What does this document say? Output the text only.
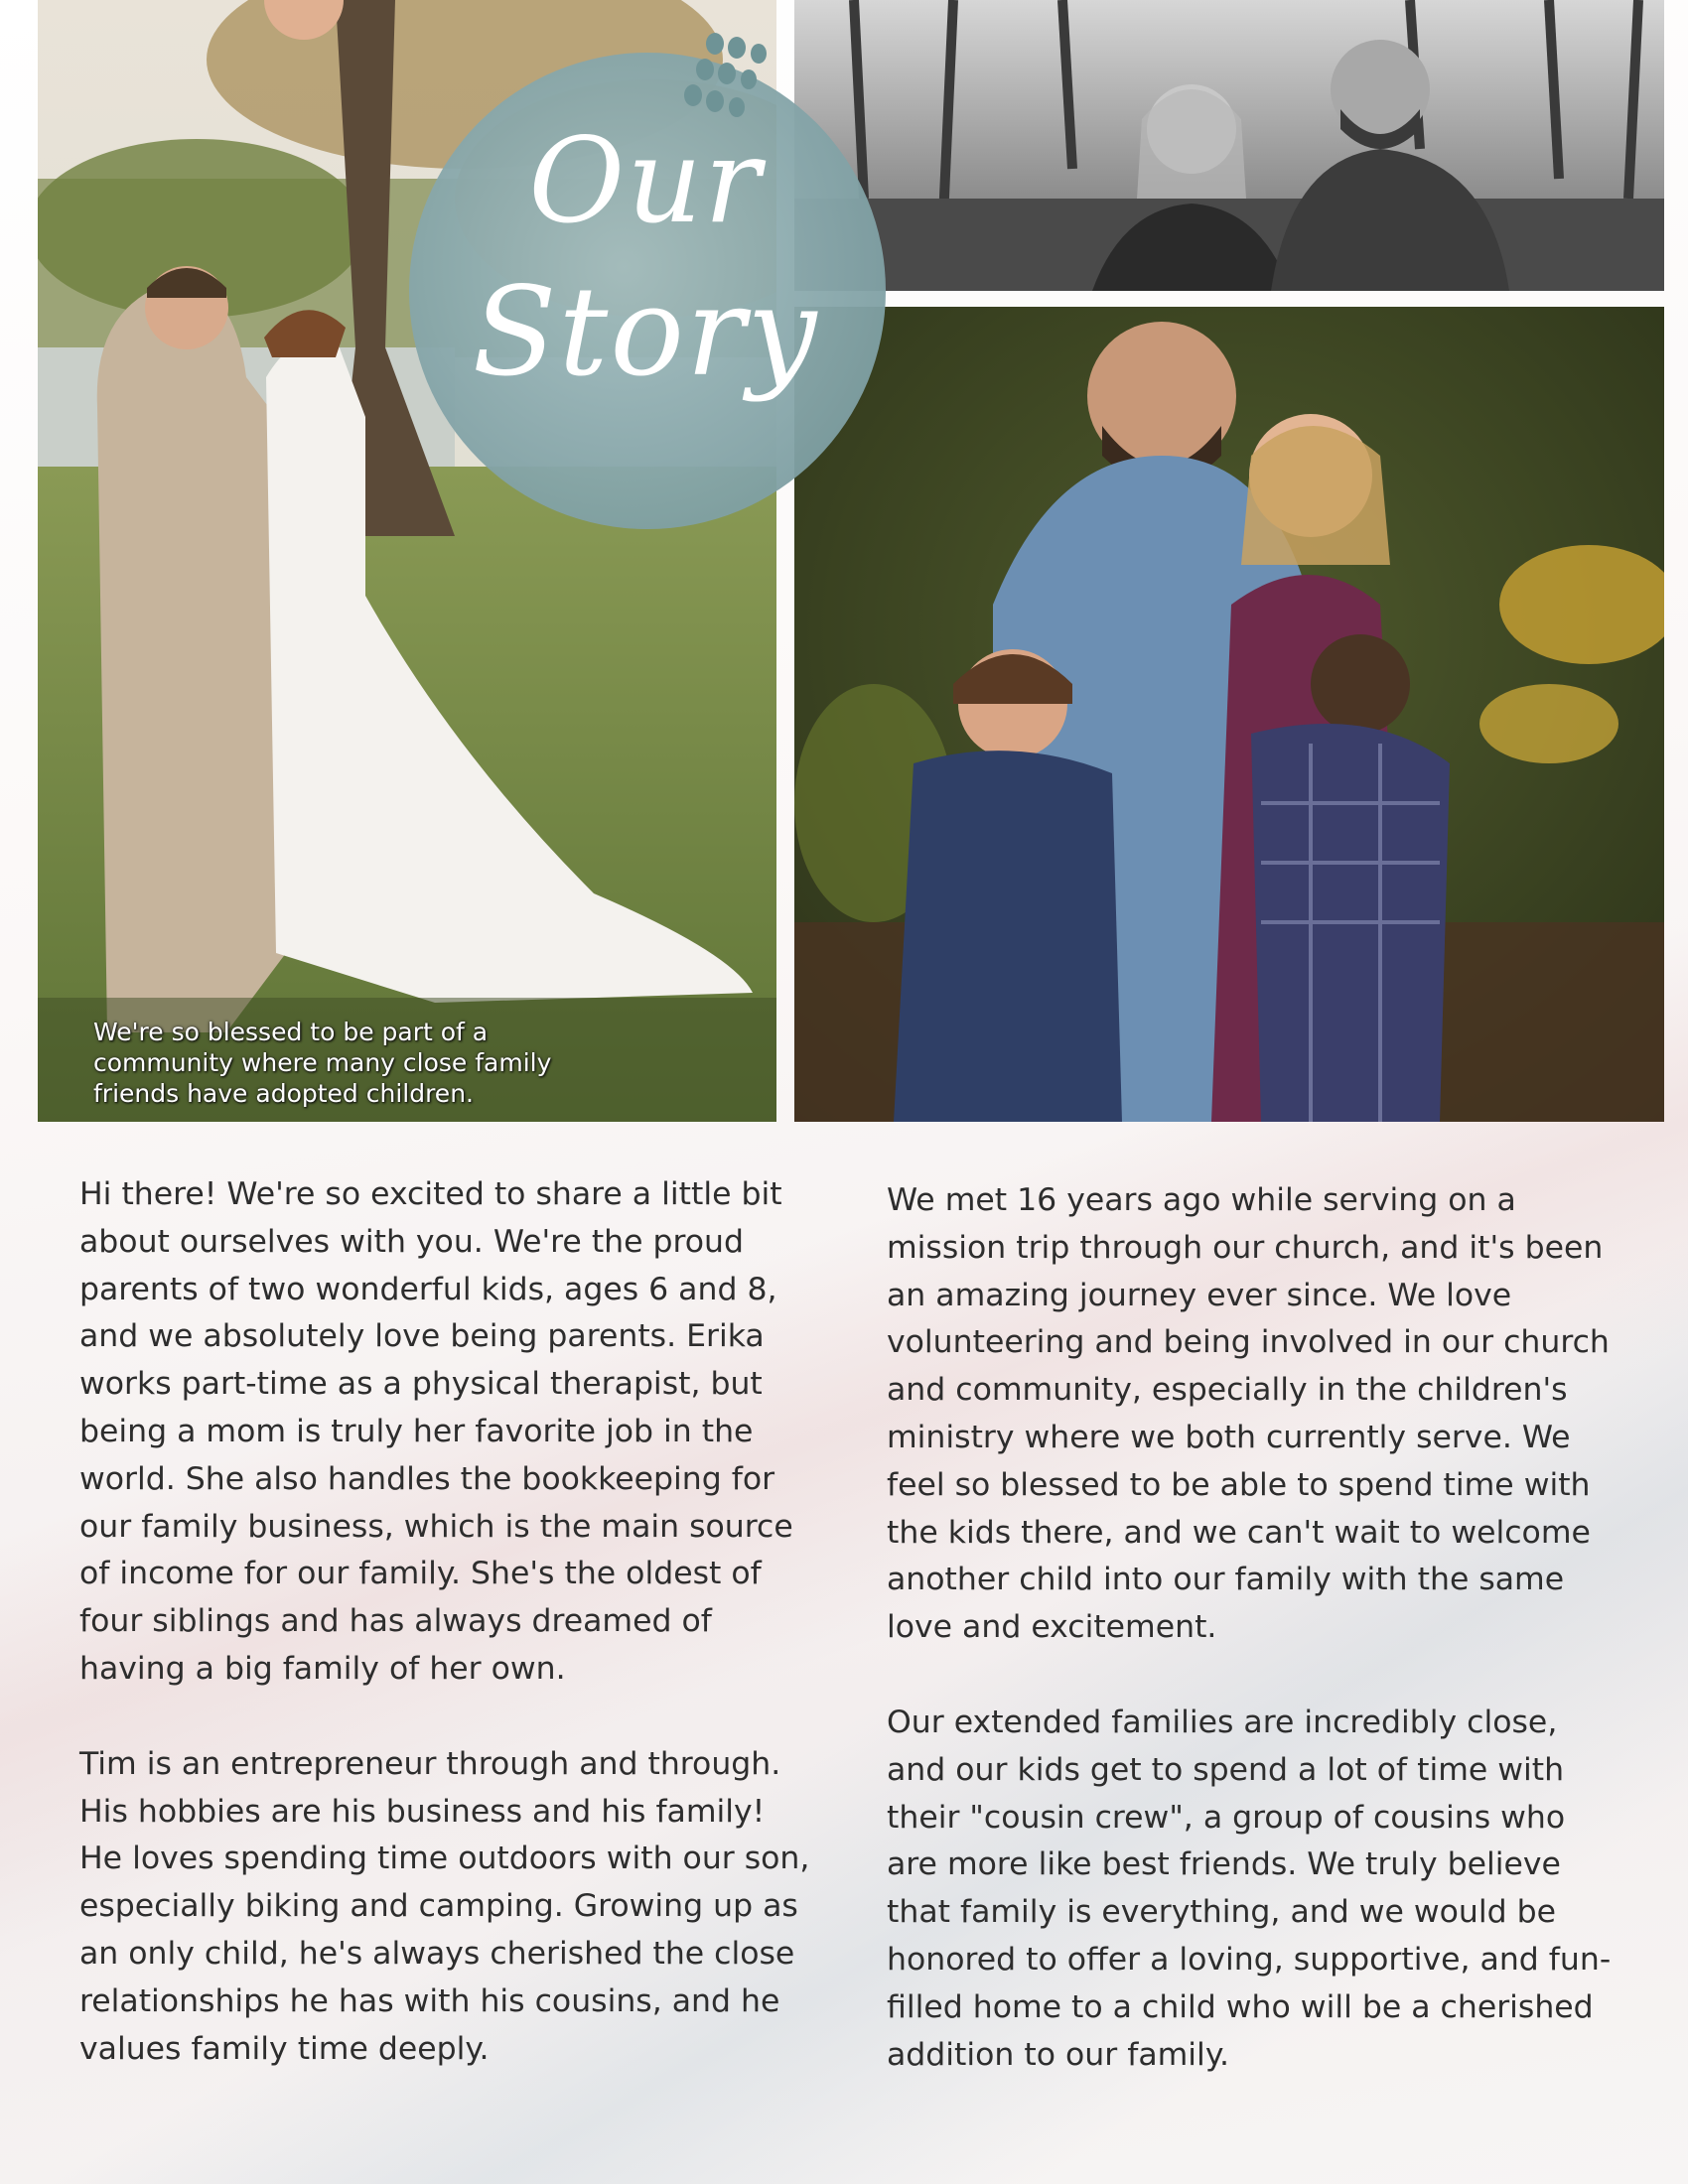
We're so blessed to be part of a community where many close family friends have adopted children.

Our

Story

Hi there! We're so excited to share a little bit about ourselves with you. We're the proud parents of two wonderful kids, ages 6 and 8, and we absolutely love being parents. Erika works part-time as a physical therapist, but being a mom is truly her favorite job in the world. She also handles the bookkeeping for our family business, which is the main source of income for our family. She's the oldest of four siblings and has always dreamed of having a big family of her own.

Tim is an entrepreneur through and through. His hobbies are his business and his family! He loves spending time outdoors with our son, especially biking and camping. Growing up as an only child, he's always cherished the close relationships he has with his cousins, and he values family time deeply.

We met 16 years ago while serving on a mission trip through our church, and it's been an amazing journey ever since. We love volunteering and being involved in our church and community, especially in the children's ministry where we both currently serve. We feel so blessed to be able to spend time with the kids there, and we can't wait to welcome another child into our family with the same love and excitement.

Our extended families are incredibly close, and our kids get to spend a lot of time with their "cousin crew", a group of cousins who are more like best friends. We truly believe that family is everything, and we would be honored to offer a loving, supportive, and fun-filled home to a child who will be a cherished addition to our family.
